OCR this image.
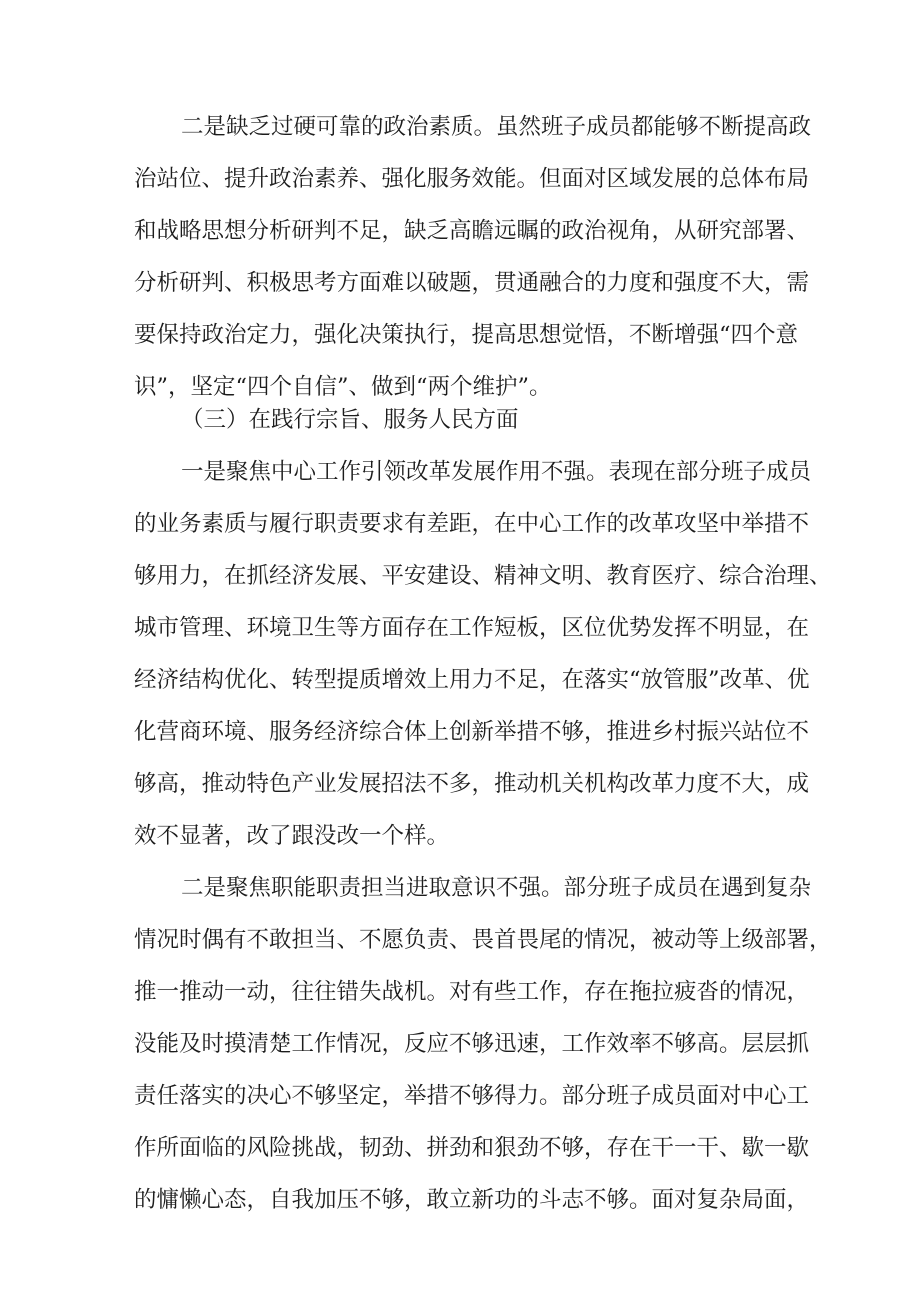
二是缺乏过硬可靠的政治素质。虽然班子成员都能够不断提高政
治站位、提升政治素养、强化服务效能。但面对区域发展的总体布局
和战略思想分析研判不足，缺乏高瞻远瞩的政治视角，从研究部署、
分析研判、积极思考方面难以破题，贯通融合的力度和强度不大，需
要保持政治定力，强化决策执行，提高思想觉悟，不断增强“四个意
识”，坚定“四个自信”、做到“两个维护”。
（三）在践行宗旨、服务人民方面
一是聚焦中心工作引领改革发展作用不强。表现在部分班子成员
的业务素质与履行职责要求有差距，在中心工作的改革攻坚中举措不
够用力，在抓经济发展、平安建设、精神文明、教育医疗、综合治理、
城市管理、环境卫生等方面存在工作短板，区位优势发挥不明显，在
经济结构优化、转型提质增效上用力不足，在落实“放管服”改革、优
化营商环境、服务经济综合体上创新举措不够，推进乡村振兴站位不
够高，推动特色产业发展招法不多，推动机关机构改革力度不大，成
效不显著，改了跟没改一个样。
二是聚焦职能职责担当进取意识不强。部分班子成员在遇到复杂
情况时偶有不敢担当、不愿负责、畏首畏尾的情况，被动等上级部署，
推一推动一动，往往错失战机。对有些工作，存在拖拉疲沓的情况，
没能及时摸清楚工作情况，反应不够迅速，工作效率不够高。层层抓
责任落实的决心不够坚定，举措不够得力。部分班子成员面对中心工
作所面临的风险挑战，韧劲、拼劲和狠劲不够，存在干一干、歇一歇
的慵懒心态，自我加压不够，敢立新功的斗志不够。面对复杂局面，
